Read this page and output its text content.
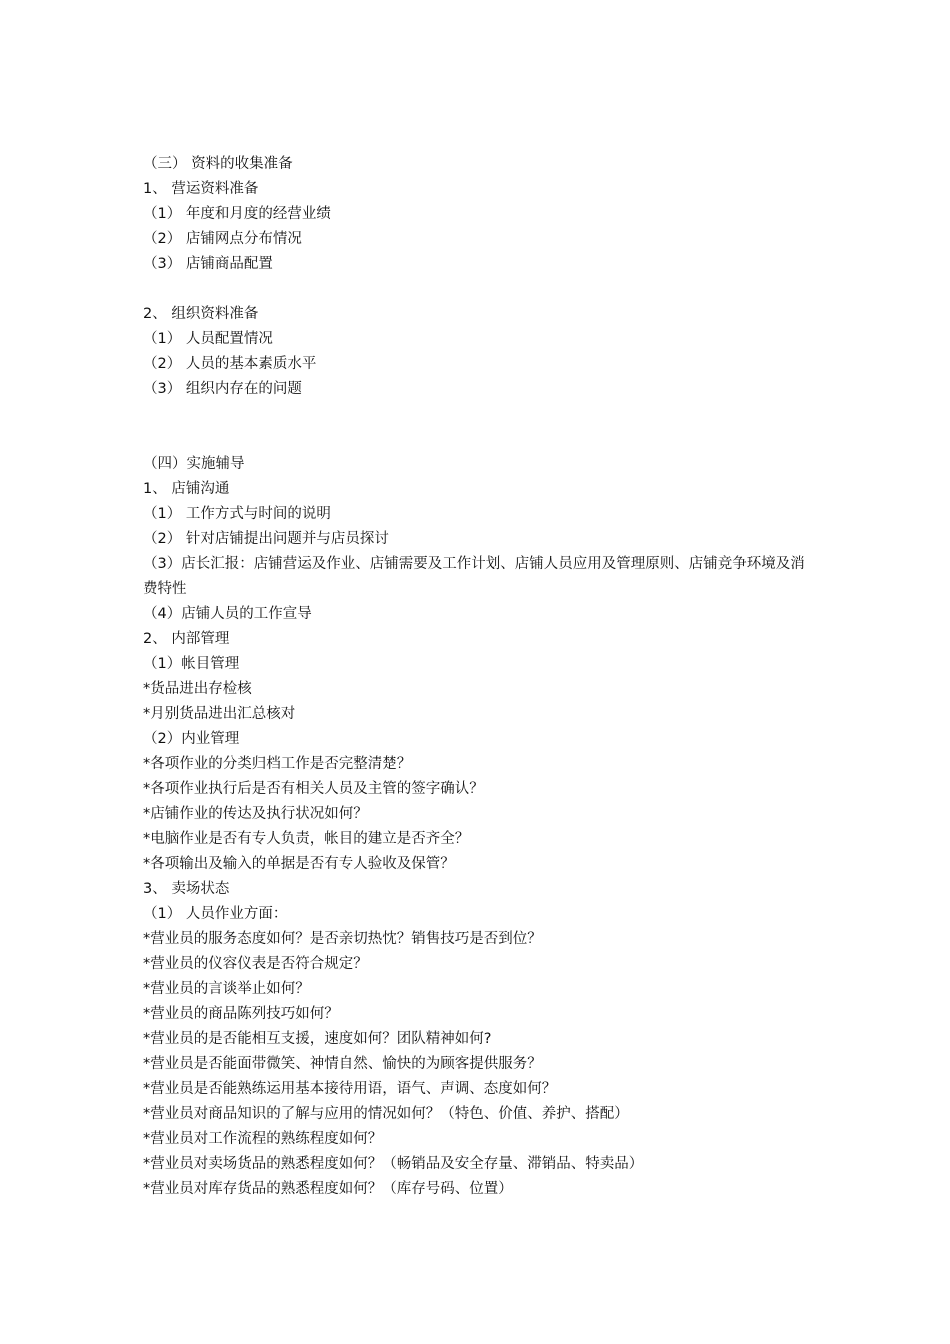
（三） 资料的收集准备
1、 营运资料准备
（1） 年度和月度的经营业绩
（2） 店铺网点分布情况
（3） 店铺商品配置
2、 组织资料准备
（1） 人员配置情况
（2） 人员的基本素质水平
（3） 组织内存在的问题
（四）实施辅导
1、 店铺沟通
（1） 工作方式与时间的说明
（2） 针对店铺提出问题并与店员探讨
（3）店长汇报：店铺营运及作业、店铺需要及工作计划、店铺人员应用及管理原则、店铺竞争环境及消费特性
（4）店铺人员的工作宣导
2、 内部管理
（1）帐目管理
*货品进出存检核
*月别货品进出汇总核对
（2）内业管理
*各项作业的分类归档工作是否完整清楚？
*各项作业执行后是否有相关人员及主管的签字确认？
*店铺作业的传达及执行状况如何？
*电脑作业是否有专人负责，帐目的建立是否齐全？
*各项输出及输入的单据是否有专人验收及保管？
3、 卖场状态
（1） 人员作业方面：
*营业员的服务态度如何？是否亲切热忱？销售技巧是否到位？
*营业员的仪容仪表是否符合规定？
*营业员的言谈举止如何？
*营业员的商品陈列技巧如何？
*营业员的是否能相互支援，速度如何？团队精神如何?
*营业员是否能面带微笑、神情自然、愉快的为顾客提供服务？
*营业员是否能熟练运用基本接待用语，语气、声调、态度如何？
*营业员对商品知识的了解与应用的情况如何？（特色、价值、养护、搭配）
*营业员对工作流程的熟练程度如何？
*营业员对卖场货品的熟悉程度如何？（畅销品及安全存量、滞销品、特卖品）
*营业员对库存货品的熟悉程度如何？（库存号码、位置）
